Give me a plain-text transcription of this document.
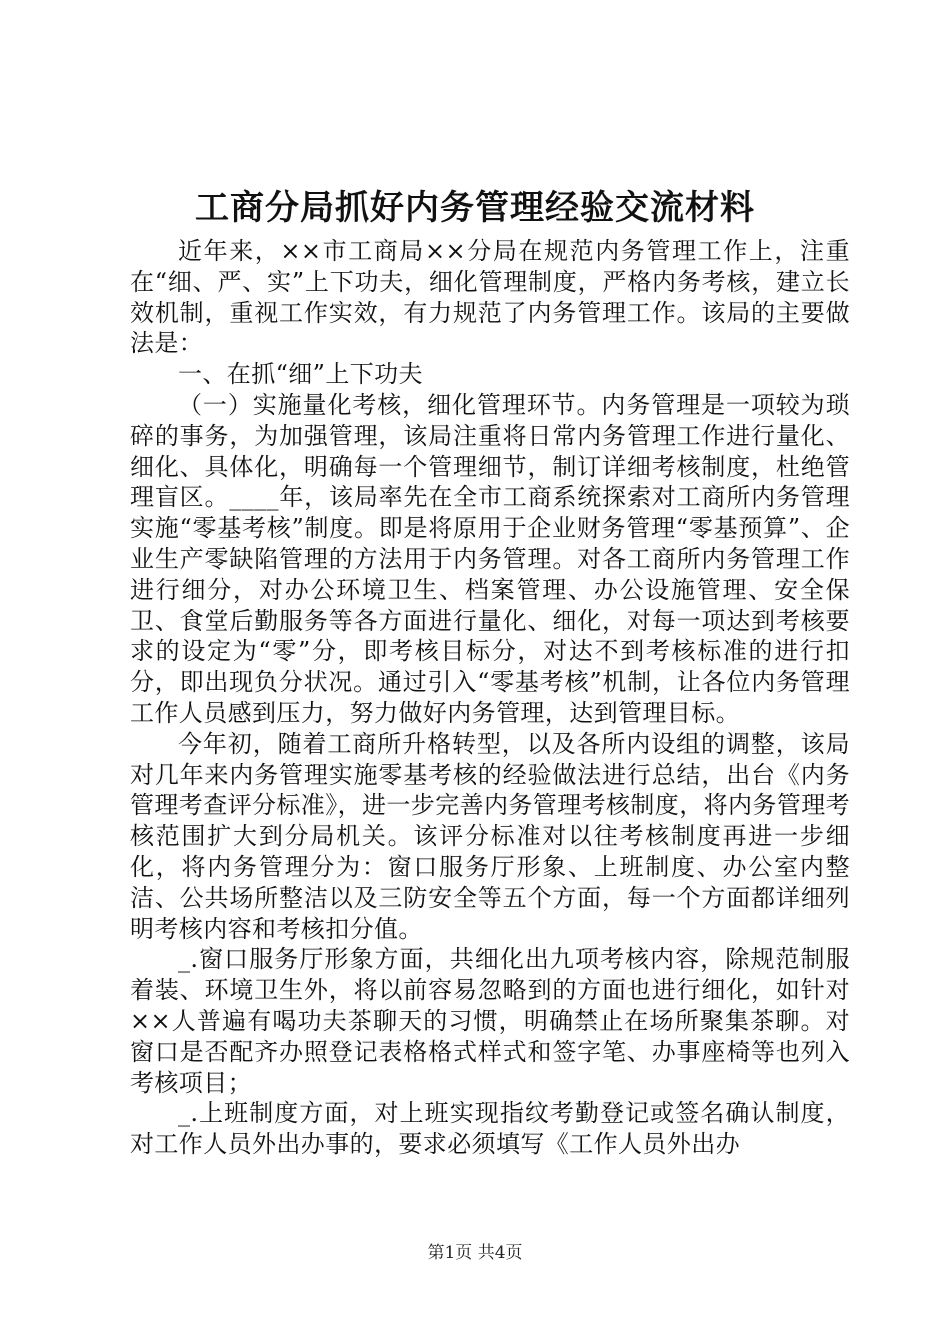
工商分局抓好内务管理经验交流材料

近年来，××市工商局××分局在规范内务管理工作上，注重在“细、严、实”上下功夫，细化管理制度，严格内务考核，建立长效机制，重视工作实效，有力规范了内务管理工作。该局的主要做法是：

一、在抓“细”上下功夫

（一）实施量化考核，细化管理环节。内务管理是一项较为琐碎的事务，为加强管理，该局注重将日常内务管理工作进行量化、细化、具体化，明确每一个管理细节，制订详细考核制度，杜绝管理盲区。____年，该局率先在全市工商系统探索对工商所内务管理实施“零基考核”制度。即是将原用于企业财务管理“零基预算”、企业生产零缺陷管理的方法用于内务管理。对各工商所内务管理工作进行细分，对办公环境卫生、档案管理、办公设施管理、安全保卫、食堂后勤服务等各方面进行量化、细化，对每一项达到考核要求的设定为“零”分，即考核目标分，对达不到考核标准的进行扣分，即出现负分状况。通过引入“零基考核”机制，让各位内务管理工作人员感到压力，努力做好内务管理，达到管理目标。

今年初，随着工商所升格转型，以及各所内设组的调整，该局对几年来内务管理实施零基考核的经验做法进行总结，出台《内务管理考查评分标准》，进一步完善内务管理考核制度，将内务管理考核范围扩大到分局机关。该评分标准对以往考核制度再进一步细化，将内务管理分为：窗口服务厅形象、上班制度、办公室内整洁、公共场所整洁以及三防安全等五个方面，每一个方面都详细列明考核内容和考核扣分值。

_.窗口服务厅形象方面，共细化出九项考核内容，除规范制服着装、环境卫生外，将以前容易忽略到的方面也进行细化，如针对××人普遍有喝功夫茶聊天的习惯，明确禁止在场所聚集茶聊。对窗口是否配齐办照登记表格格式样式和签字笔、办事座椅等也列入考核项目；

_.上班制度方面，对上班实现指纹考勤登记或签名确认制度，对工作人员外出办事的，要求必须填写《工作人员外出办

第1页 共4页
